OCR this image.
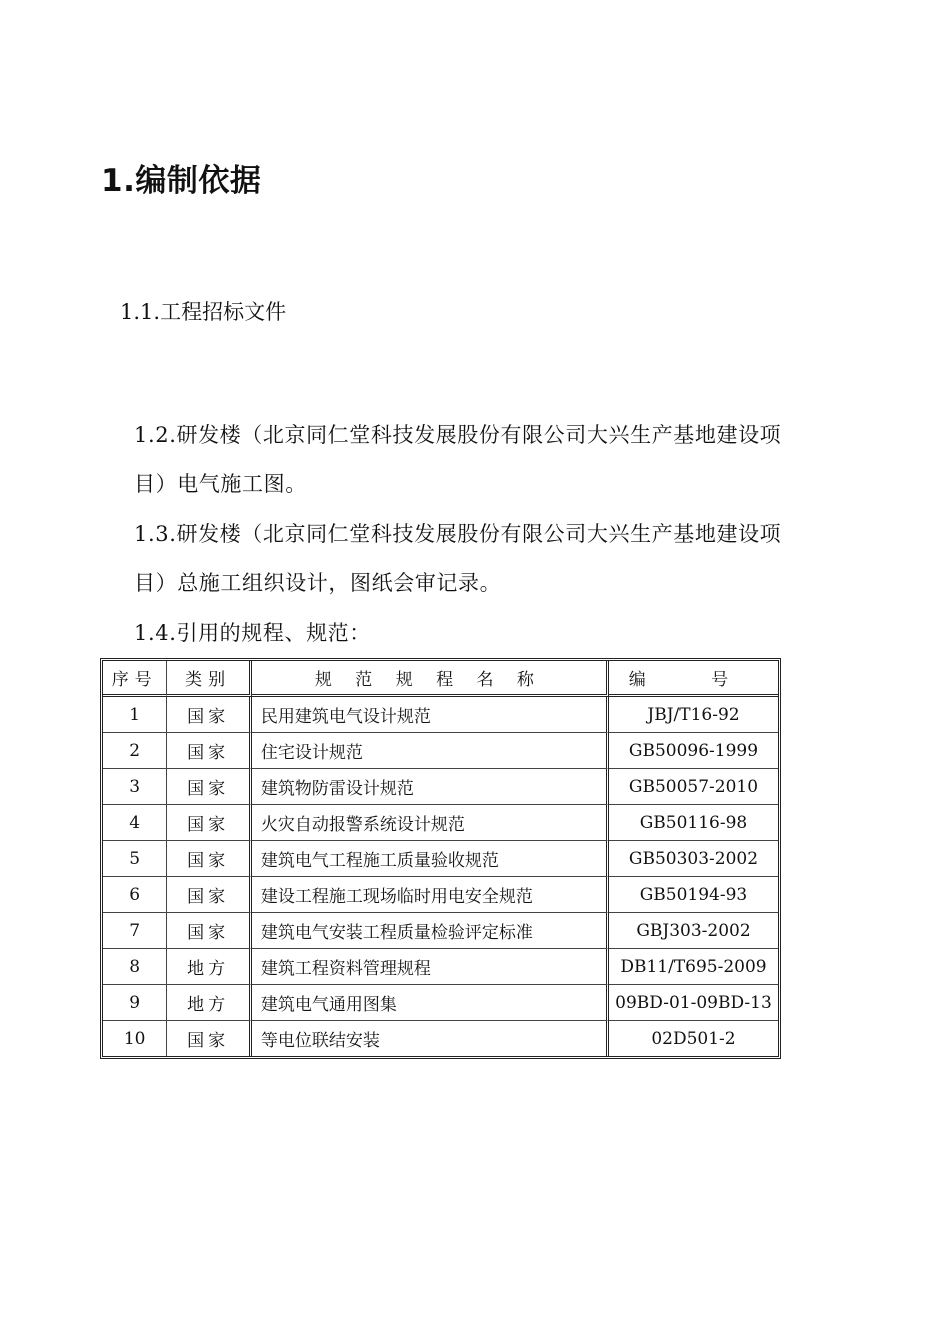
1.编制依据
1.1.工程招标文件
1.2.研发楼（北京同仁堂科技发展股份有限公司大兴生产基地建设项
目）电气施工图。
1.3.研发楼（北京同仁堂科技发展股份有限公司大兴生产基地建设项
目）总施工组织设计，图纸会审记录。
1.4.引用的规程、规范：
序号	类别	规 范 规 程 名 称	编 号
1	国家	民用建筑电气设计规范	JBJ/T16-92
2	国家	住宅设计规范	GB50096-1999
3	国家	建筑物防雷设计规范	GB50057-2010
4	国家	火灾自动报警系统设计规范	GB50116-98
5	国家	建筑电气工程施工质量验收规范	GB50303-2002
6	国家	建设工程施工现场临时用电安全规范	GB50194-93
7	国家	建筑电气安装工程质量检验评定标准	GBJ303-2002
8	地方	建筑工程资料管理规程	DB11/T695-2009
9	地方	建筑电气通用图集	09BD-01-09BD-13
10	国家	等电位联结安装	02D501-2
